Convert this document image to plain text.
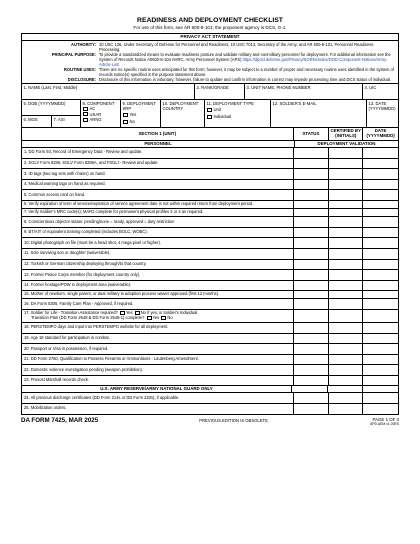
READINESS AND DEPLOYMENT CHECKLIST
For use of this form, see AR 600-8-101; the proponent agency is DCS, G-1.
PRIVACY ACT STATEMENT
AUTHORITY: 10 USC 136, Under Secretary of Defense for Personnel and Readiness; 10 USC 7013, Secretary of the Army; and AR 600-8-101, Personnel Readiness Processing.
PRINCIPAL PURPOSE: To provide a standardized means to evaluate readiness posture and validate military and nonmilitary personnel for deployment. For additional information see the System of Records Notice A0600-8-104 AHRC, Army Personnel System (APS) https://dpcld.defense.gov/Privacy/SORNsIndex/DOD-Component-Notices/Army-Article-List/
ROUTINE USES: There are no specific routine uses anticipated for this form; however, it may be subject to a number of proper and necessary routine uses identified in the system of records notice(s) specified in the purpose statement above.
DISCLOSURE: Disclosure of this information is voluntary; however, failure to update and confirm information is correct may impede processing time and DCS status of individual.
1. NAME (Last, First, Middle)	2. RANK/GRADE	3. UNIT NAME, PHONE NUMBER	4. UIC
5. DOB (YYYYMMDD)
6. MOS	7. ASI
8. COMPONENT
AC
USAR
ARNG
9. DEPLOYMENT SRP
Yes
No
10. DEPLOYMENT COUNTRY
11. DEPLOYMENT TYPE
Unit
Individual
12. SOLDIER'S E-MAIL	13. DATE (YYYYMMDD)
SECTION 1 (UNIT)	STATUS
CERTIFIED BY (INITIALS)
DATE (YYYYMMDD)
PERSONNEL	DEPLOYMENT VALIDATION
1. DD Form 93, Record of Emergency Data - Review and update.
2. SGLV Form 8286, SGLV Form 8286A, and FSGLI - Review and update.
3. ID tags (two tag sets with chains) on hand.
4. Medical warning tags on hand as required.
5. Common access card on hand.
6. Verify expiration of term of service/expiration of service agreement date is not within required return from deployment period.
7. Verify Soldier's MRC code(s); MAR2 complete for permanent physical profiles 3 or 4 as required.
8. Conscientious objector status: pending/none = ready, approved = duty restriction
9. BT/AIT or equivalent training completed (includes BOLC, WOBC).
10. Digital photograph on file (must be a head shot, 4 mega pixel or higher).
11. Sole surviving son or daughter (waiverable).
12. Turkish or German citizenship deploying through/to that country.
13. Former Peace Corps member (for deployment country only).
14. Former hostage/POW in deployment area (waiverable).
15. Mother of newborn, single parent, or dual military in adoption process waiver approved (first 12 months).
16. DA Form 5305, Family Care Plan - Approved, if required.
17. Soldier for Life - Transition Assistance required? Yes No If yes, is Soldier's Individual
Transition Plan (DD Form 2648 & DD Form 2648-1) complete? Yes No
18. PERSTEMPO days and input into PERSTEMPO website for all deployment.
19. Age 18 standard for participation in combat.
20. Passport or Visa in possession, if required.
21. DD Form 2760, Qualification to Possess Firearms or Ammunitions - Lautenberg Amendment.
22. Domestic violence investigation pending (weapon prohibition).
23. Provost Marshall records check.
U.S. ARMY RESERVE/ARMY NATIONAL GUARD ONLY
24. All previous discharge certificates (DD Form 214s or DD Form 220s), if applicable.
25. Mobilization orders.
DA FORM 7425, MAR 2025	PREVIOUS EDITION IS OBSOLETE.	PAGE 1 OF 3
APD AEM v1.00ES
